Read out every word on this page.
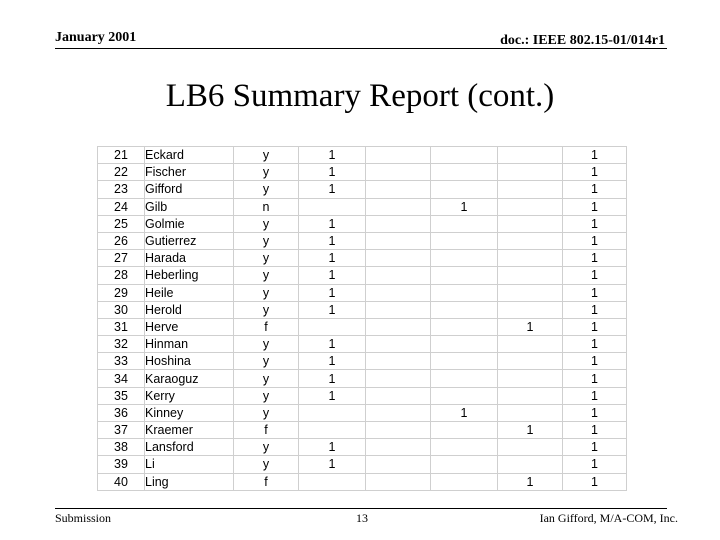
January 2001	doc.: IEEE 802.15-01/014r1
LB6 Summary Report (cont.)
21	Eckard	y	1				1
22	Fischer	y	1				1
23	Gifford	y	1				1
24	Gilb	n			1		1
25	Golmie	y	1				1
26	Gutierrez	y	1				1
27	Harada	y	1				1
28	Heberling	y	1				1
29	Heile	y	1				1
30	Herold	y	1				1
31	Herve	f				1	1
32	Hinman	y	1				1
33	Hoshina	y	1				1
34	Karaoguz	y	1				1
35	Kerry	y	1				1
36	Kinney	y			1		1
37	Kraemer	f				1	1
38	Lansford	y	1				1
39	Li	y	1				1
40	Ling	f				1	1
Submission	13	Ian Gifford, M/A-COM, Inc.
